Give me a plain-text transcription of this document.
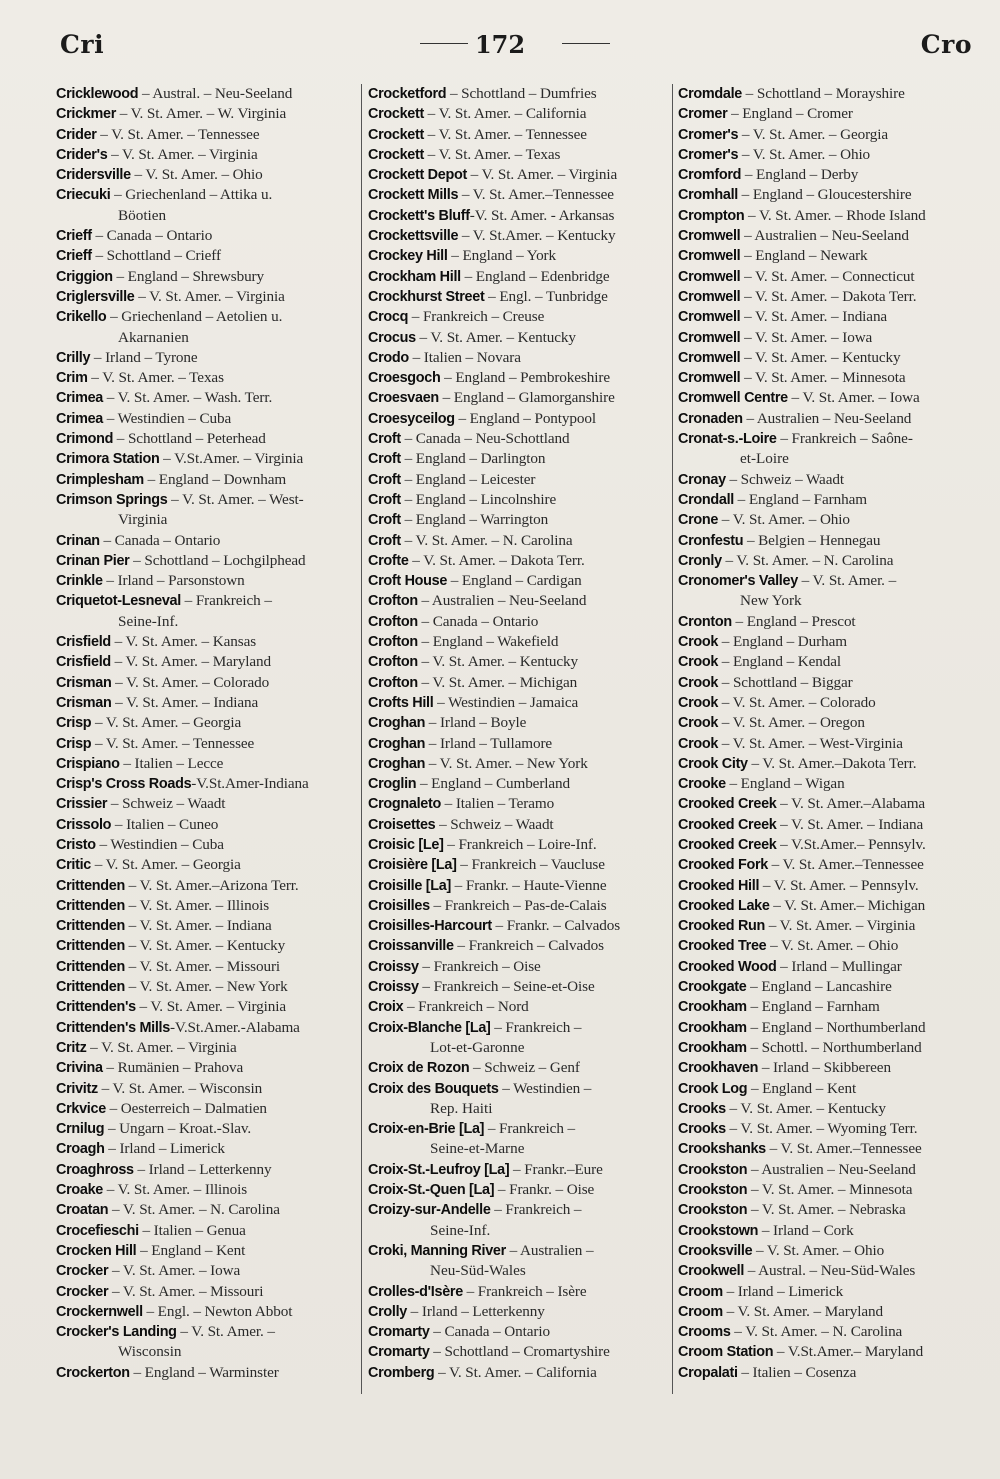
Cri	172	Cro
Cricklewood – Austral. – Neu-Seeland
Crickmer – V. St. Amer. – W. Virginia
Crider – V. St. Amer. – Tennessee
Crider's – V. St. Amer. – Virginia
Cridersville – V. St. Amer. – Ohio
Criecuki – Griechenland – Attika u.
Böotien
Crieff – Canada – Ontario
Crieff – Schottland – Crieff
Criggion – England – Shrewsbury
Criglersville – V. St. Amer. – Virginia
Crikello – Griechenland – Aetolien u.
Akarnanien
Crilly – Irland – Tyrone
Crim – V. St. Amer. – Texas
Crimea – V. St. Amer. – Wash. Terr.
Crimea – Westindien – Cuba
Crimond – Schottland – Peterhead
Crimora Station – V.St.Amer. – Virginia
Crimplesham – England – Downham
Crimson Springs – V. St. Amer. – West-
Virginia
Crinan – Canada – Ontario
Crinan Pier – Schottland – Lochgilphead
Crinkle – Irland – Parsonstown
Criquetot-Lesneval – Frankreich –
Seine-Inf.
Crisfield – V. St. Amer. – Kansas
Crisfield – V. St. Amer. – Maryland
Crisman – V. St. Amer. – Colorado
Crisman – V. St. Amer. – Indiana
Crisp – V. St. Amer. – Georgia
Crisp – V. St. Amer. – Tennessee
Crispiano – Italien – Lecce
Crisp's Cross Roads-V.St.Amer-Indiana
Crissier – Schweiz – Waadt
Crissolo – Italien – Cuneo
Cristo – Westindien – Cuba
Critic – V. St. Amer. – Georgia
Crittenden – V. St. Amer.–Arizona Terr.
Crittenden – V. St. Amer. – Illinois
Crittenden – V. St. Amer. – Indiana
Crittenden – V. St. Amer. – Kentucky
Crittenden – V. St. Amer. – Missouri
Crittenden – V. St. Amer. – New York
Crittenden's – V. St. Amer. – Virginia
Crittenden's Mills-V.St.Amer.-Alabama
Critz – V. St. Amer. – Virginia
Crivina – Rumänien – Prahova
Crivitz – V. St. Amer. – Wisconsin
Crkvice – Oesterreich – Dalmatien
Crnilug – Ungarn – Kroat.-Slav.
Croagh – Irland – Limerick
Croaghross – Irland – Letterkenny
Croake – V. St. Amer. – Illinois
Croatan – V. St. Amer. – N. Carolina
Crocefieschi – Italien – Genua
Crocken Hill – England – Kent
Crocker – V. St. Amer. – Iowa
Crocker – V. St. Amer. – Missouri
Crockernwell – Engl. – Newton Abbot
Crocker's Landing – V. St. Amer. –
Wisconsin
Crockerton – England – Warminster
Crocketford – Schottland – Dumfries
Crockett – V. St. Amer. – California
Crockett – V. St. Amer. – Tennessee
Crockett – V. St. Amer. – Texas
Crockett Depot – V. St. Amer. – Virginia
Crockett Mills – V. St. Amer.–Tennessee
Crockett's Bluff-V. St. Amer. - Arkansas
Crockettsville – V. St.Amer. – Kentucky
Crockey Hill – England – York
Crockham Hill – England – Edenbridge
Crockhurst Street – Engl. – Tunbridge
Crocq – Frankreich – Creuse
Crocus – V. St. Amer. – Kentucky
Crodo – Italien – Novara
Croesgoch – England – Pembrokeshire
Croesvaen – England – Glamorganshire
Croesyceilog – England – Pontypool
Croft – Canada – Neu-Schottland
Croft – England – Darlington
Croft – England – Leicester
Croft – England – Lincolnshire
Croft – England – Warrington
Croft – V. St. Amer. – N. Carolina
Crofte – V. St. Amer. – Dakota Terr.
Croft House – England – Cardigan
Crofton – Australien – Neu-Seeland
Crofton – Canada – Ontario
Crofton – England – Wakefield
Crofton – V. St. Amer. – Kentucky
Crofton – V. St. Amer. – Michigan
Crofts Hill – Westindien – Jamaica
Croghan – Irland – Boyle
Croghan – Irland – Tullamore
Croghan – V. St. Amer. – New York
Croglin – England – Cumberland
Crognaleto – Italien – Teramo
Croisettes – Schweiz – Waadt
Croisic [Le] – Frankreich – Loire-Inf.
Croisière [La] – Frankreich – Vaucluse
Croisille [La] – Frankr. – Haute-Vienne
Croisilles – Frankreich – Pas-de-Calais
Croisilles-Harcourt – Frankr. – Calvados
Croissanville – Frankreich – Calvados
Croissy – Frankreich – Oise
Croissy – Frankreich – Seine-et-Oise
Croix – Frankreich – Nord
Croix-Blanche [La] – Frankreich –
Lot-et-Garonne
Croix de Rozon – Schweiz – Genf
Croix des Bouquets – Westindien –
Rep. Haiti
Croix-en-Brie [La] – Frankreich –
Seine-et-Marne
Croix-St.-Leufroy [La] – Frankr.–Eure
Croix-St.-Quen [La] – Frankr. – Oise
Croizy-sur-Andelle – Frankreich –
Seine-Inf.
Croki, Manning River – Australien –
Neu-Süd-Wales
Crolles-d'Isère – Frankreich – Isère
Crolly – Irland – Letterkenny
Cromarty – Canada – Ontario
Cromarty – Schottland – Cromartyshire
Cromberg – V. St. Amer. – California
Cromdale – Schottland – Morayshire
Cromer – England – Cromer
Cromer's – V. St. Amer. – Georgia
Cromer's – V. St. Amer. – Ohio
Cromford – England – Derby
Cromhall – England – Gloucestershire
Crompton – V. St. Amer. – Rhode Island
Cromwell – Australien – Neu-Seeland
Cromwell – England – Newark
Cromwell – V. St. Amer. – Connecticut
Cromwell – V. St. Amer. – Dakota Terr.
Cromwell – V. St. Amer. – Indiana
Cromwell – V. St. Amer. – Iowa
Cromwell – V. St. Amer. – Kentucky
Cromwell – V. St. Amer. – Minnesota
Cromwell Centre – V. St. Amer. – Iowa
Cronaden – Australien – Neu-Seeland
Cronat-s.-Loire – Frankreich – Saône-
et-Loire
Cronay – Schweiz – Waadt
Crondall – England – Farnham
Crone – V. St. Amer. – Ohio
Cronfestu – Belgien – Hennegau
Cronly – V. St. Amer. – N. Carolina
Cronomer's Valley – V. St. Amer. –
New York
Cronton – England – Prescot
Crook – England – Durham
Crook – England – Kendal
Crook – Schottland – Biggar
Crook – V. St. Amer. – Colorado
Crook – V. St. Amer. – Oregon
Crook – V. St. Amer. – West-Virginia
Crook City – V. St. Amer.–Dakota Terr.
Crooke – England – Wigan
Crooked Creek – V. St. Amer.–Alabama
Crooked Creek – V. St. Amer. – Indiana
Crooked Creek – V.St.Amer.– Pennsylv.
Crooked Fork – V. St. Amer.–Tennessee
Crooked Hill – V. St. Amer. – Pennsylv.
Crooked Lake – V. St. Amer.– Michigan
Crooked Run – V. St. Amer. – Virginia
Crooked Tree – V. St. Amer. – Ohio
Crooked Wood – Irland – Mullingar
Crookgate – England – Lancashire
Crookham – England – Farnham
Crookham – England – Northumberland
Crookham – Schottl. – Northumberland
Crookhaven – Irland – Skibbereen
Crook Log – England – Kent
Crooks – V. St. Amer. – Kentucky
Crooks – V. St. Amer. – Wyoming Terr.
Crookshanks – V. St. Amer.–Tennessee
Crookston – Australien – Neu-Seeland
Crookston – V. St. Amer. – Minnesota
Crookston – V. St. Amer. – Nebraska
Crookstown – Irland – Cork
Crooksville – V. St. Amer. – Ohio
Crookwell – Austral. – Neu-Süd-Wales
Croom – Irland – Limerick
Croom – V. St. Amer. – Maryland
Crooms – V. St. Amer. – N. Carolina
Croom Station – V.St.Amer.– Maryland
Cropalati – Italien – Cosenza
